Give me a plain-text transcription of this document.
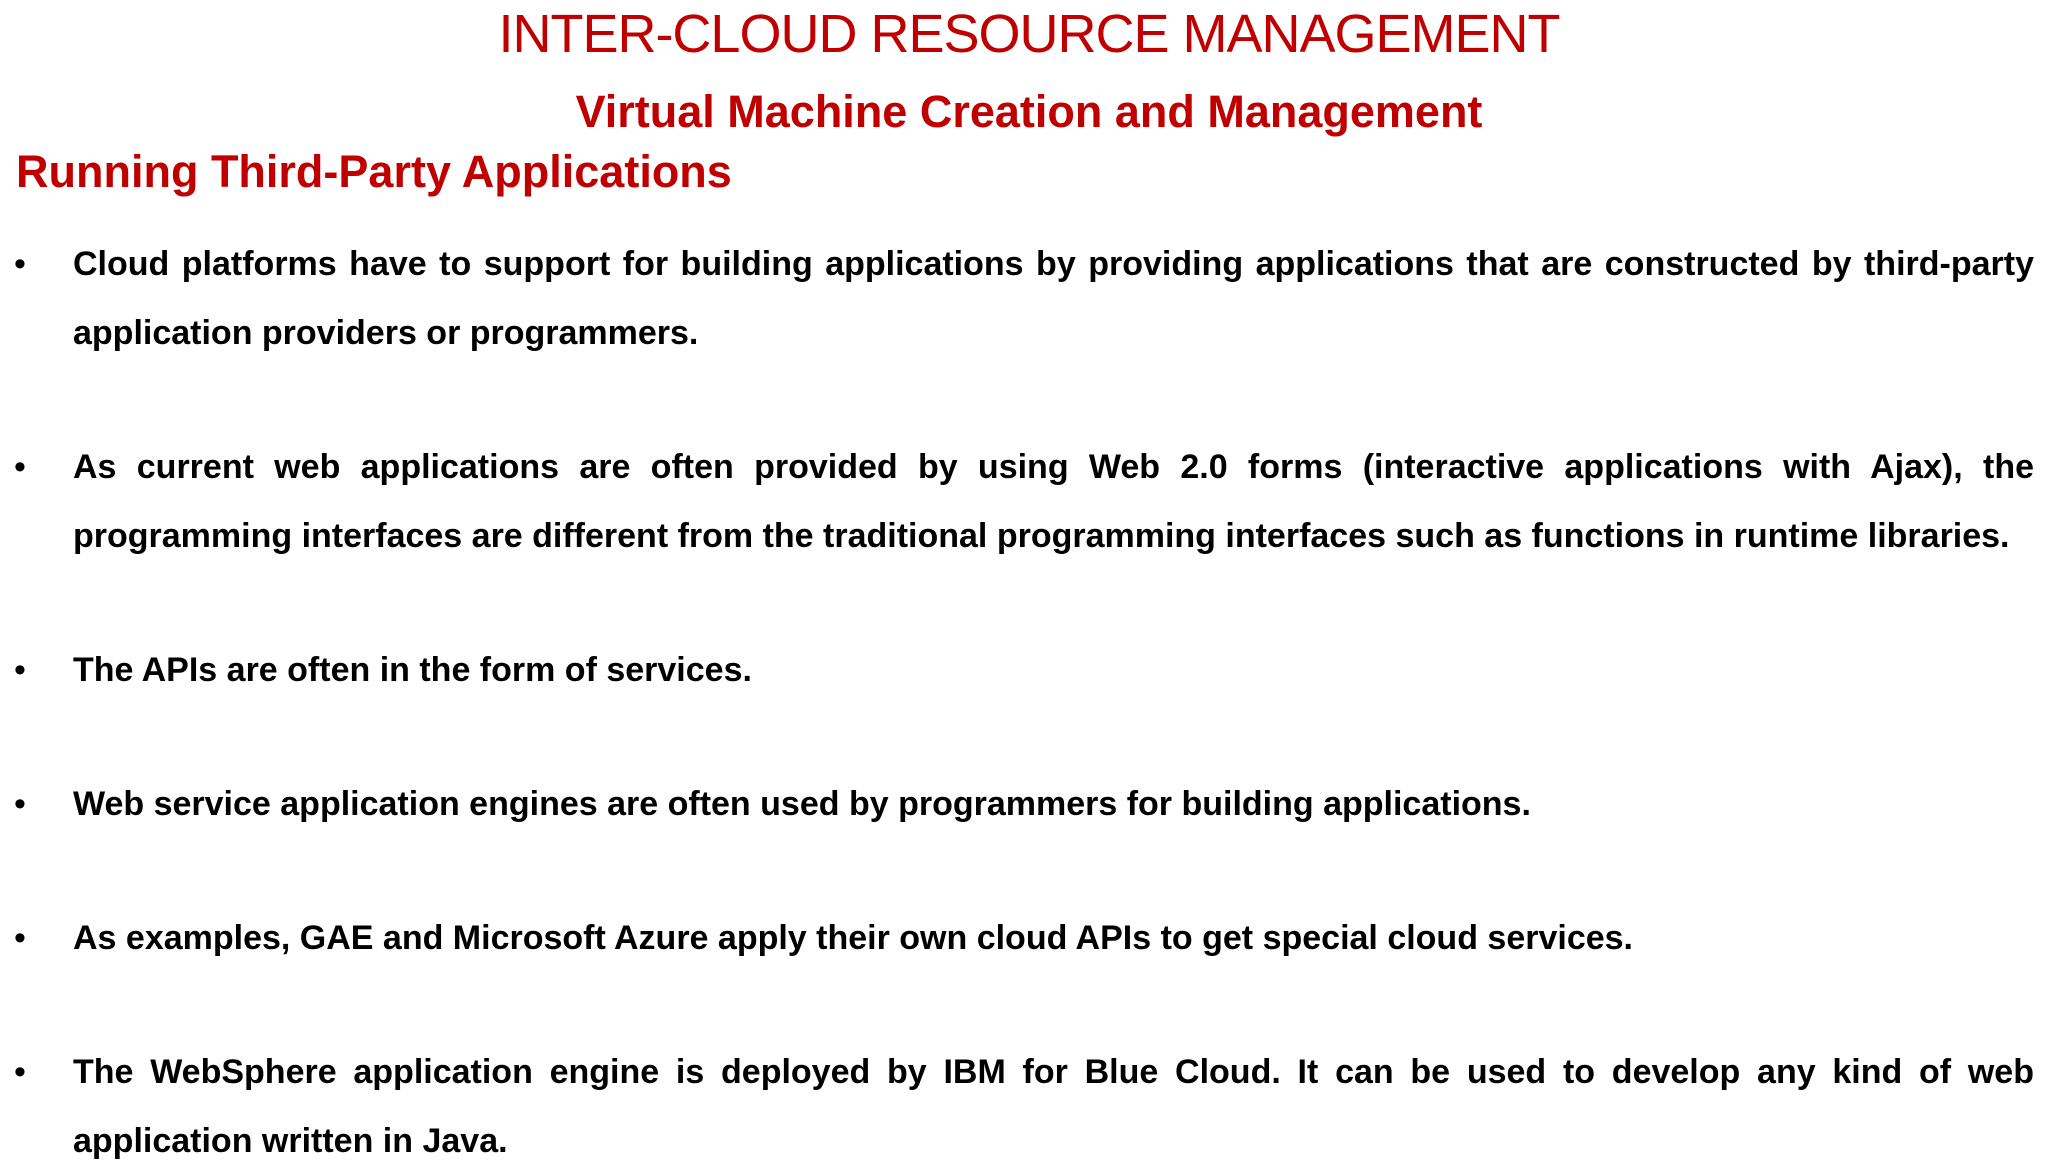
INTER-CLOUD RESOURCE MANAGEMENT
Virtual Machine Creation and Management
Running Third-Party Applications
•	Cloud platforms have to support for building applications by providing applications that are constructed by third-party application providers or programmers.

•	As current web applications are often provided by using Web 2.0 forms (interactive applications with Ajax), the programming interfaces are different from the traditional programming interfaces such as functions in runtime libraries.

•	The APIs are often in the form of services.

•	Web service application engines are often used by programmers for building applications.

•	As examples, GAE and Microsoft Azure apply their own cloud APIs to get special cloud services.

•	The WebSphere application engine is deployed by IBM for Blue Cloud. It can be used to develop any kind of web application written in Java.
